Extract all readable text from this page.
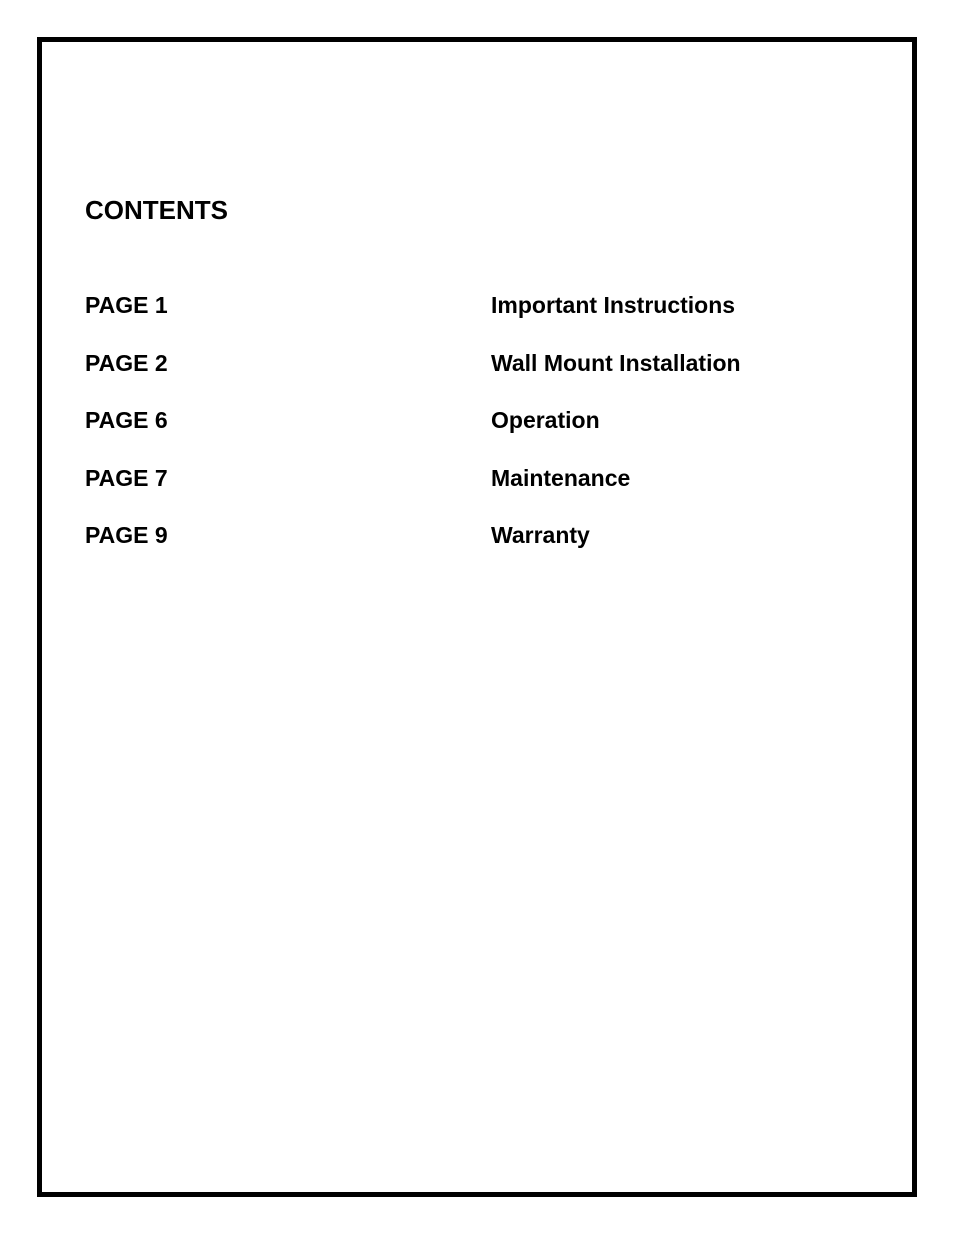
CONTENTS
PAGE 1	Important Instructions
PAGE 2	Wall Mount Installation
PAGE 6	Operation
PAGE 7	Maintenance
PAGE 9	Warranty
